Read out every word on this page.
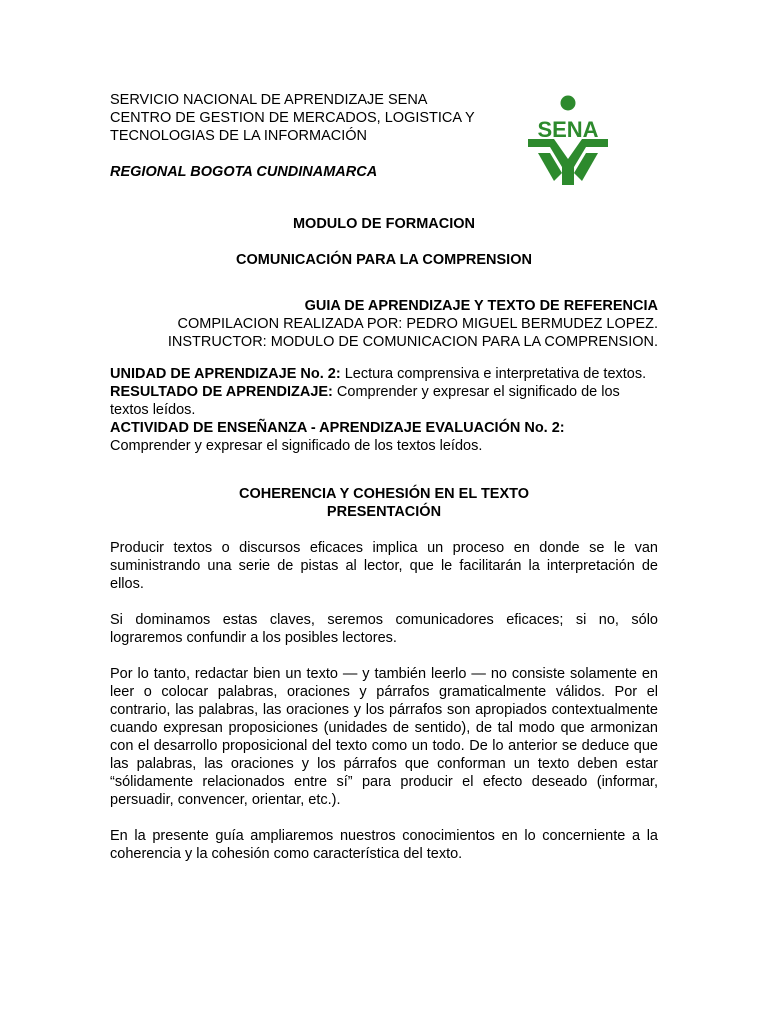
SERVICIO NACIONAL DE APRENDIZAJE SENA
CENTRO DE GESTION DE MERCADOS, LOGISTICA Y
TECNOLOGIAS DE LA INFORMACIÓN
REGIONAL BOGOTA CUNDINAMARCA
SENA
MODULO DE FORMACION
COMUNICACIÓN PARA LA COMPRENSION
GUIA DE APRENDIZAJE Y TEXTO DE REFERENCIA
COMPILACION REALIZADA POR: PEDRO MIGUEL BERMUDEZ LOPEZ.
INSTRUCTOR: MODULO DE COMUNICACION PARA LA COMPRENSION.
UNIDAD DE APRENDIZAJE No. 2: Lectura comprensiva e interpretativa de textos.
RESULTADO DE APRENDIZAJE: Comprender y expresar el significado de los textos leídos.
ACTIVIDAD DE ENSEÑANZA - APRENDIZAJE EVALUACIÓN No. 2:
Comprender y expresar el significado de los textos leídos.
COHERENCIA Y COHESIÓN EN EL TEXTO
PRESENTACIÓN

Producir textos o discursos eficaces implica un proceso en donde se le van suministrando una serie de pistas al lector, que le facilitarán la interpretación de ellos.

Si dominamos estas claves, seremos comunicadores eficaces; si no, sólo lograremos confundir a los posibles lectores.

Por lo tanto, redactar bien un texto — y también leerlo — no consiste solamente en leer o colocar palabras, oraciones y párrafos gramaticalmente válidos. Por el contrario, las palabras, las oraciones y los párrafos son apropiados contextualmente cuando expresan proposiciones (unidades de sentido), de tal modo que armonizan con el desarrollo proposicional del texto como un todo. De lo anterior se deduce que las palabras, las oraciones y los párrafos que conforman un texto deben estar “sólidamente relacionados entre sí” para producir el efecto deseado (informar, persuadir, convencer, orientar, etc.).

En la presente guía ampliaremos nuestros conocimientos en lo concerniente a la coherencia y la cohesión como característica del texto.
